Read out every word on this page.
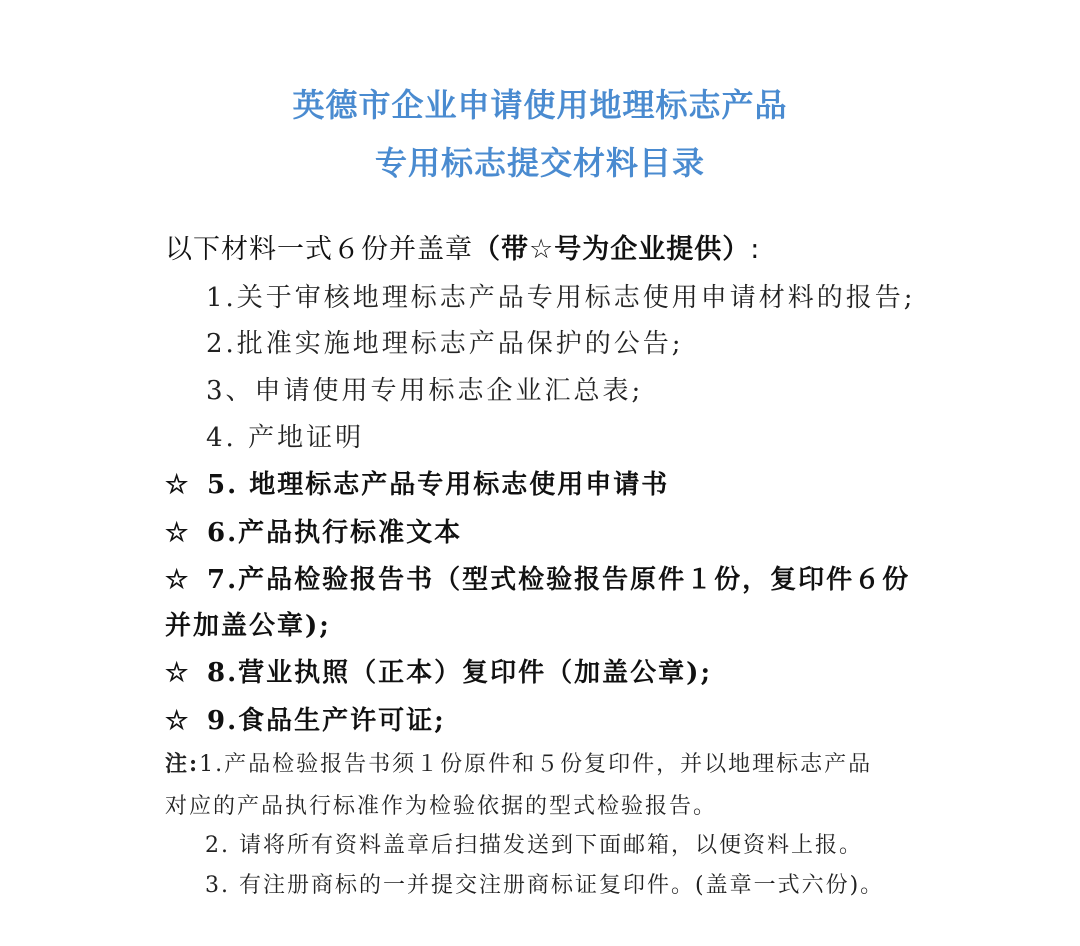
英德市企业申请使用地理标志产品
专用标志提交材料目录
以下材料一式６份并盖章（带☆号为企业提供）:
1.关于审核地理标志产品专用标志使用申请材料的报告;
2.批准实施地理标志产品保护的公告;
3、申请使用专用标志企业汇总表;
4. 产地证明
☆ 5. 地理标志产品专用标志使用申请书
☆ 6.产品执行标准文本
☆ 7.产品检验报告书（型式检验报告原件１份，复印件６份
并加盖公章);
☆ 8.营业执照（正本）复印件（加盖公章);
☆ 9.食品生产许可证;
注:1.产品检验报告书须１份原件和５份复印件，并以地理标志产品
对应的产品执行标准作为检验依据的型式检验报告。
2. 请将所有资料盖章后扫描发送到下面邮箱，以便资料上报。
3. 有注册商标的一并提交注册商标证复印件。(盖章一式六份)。
